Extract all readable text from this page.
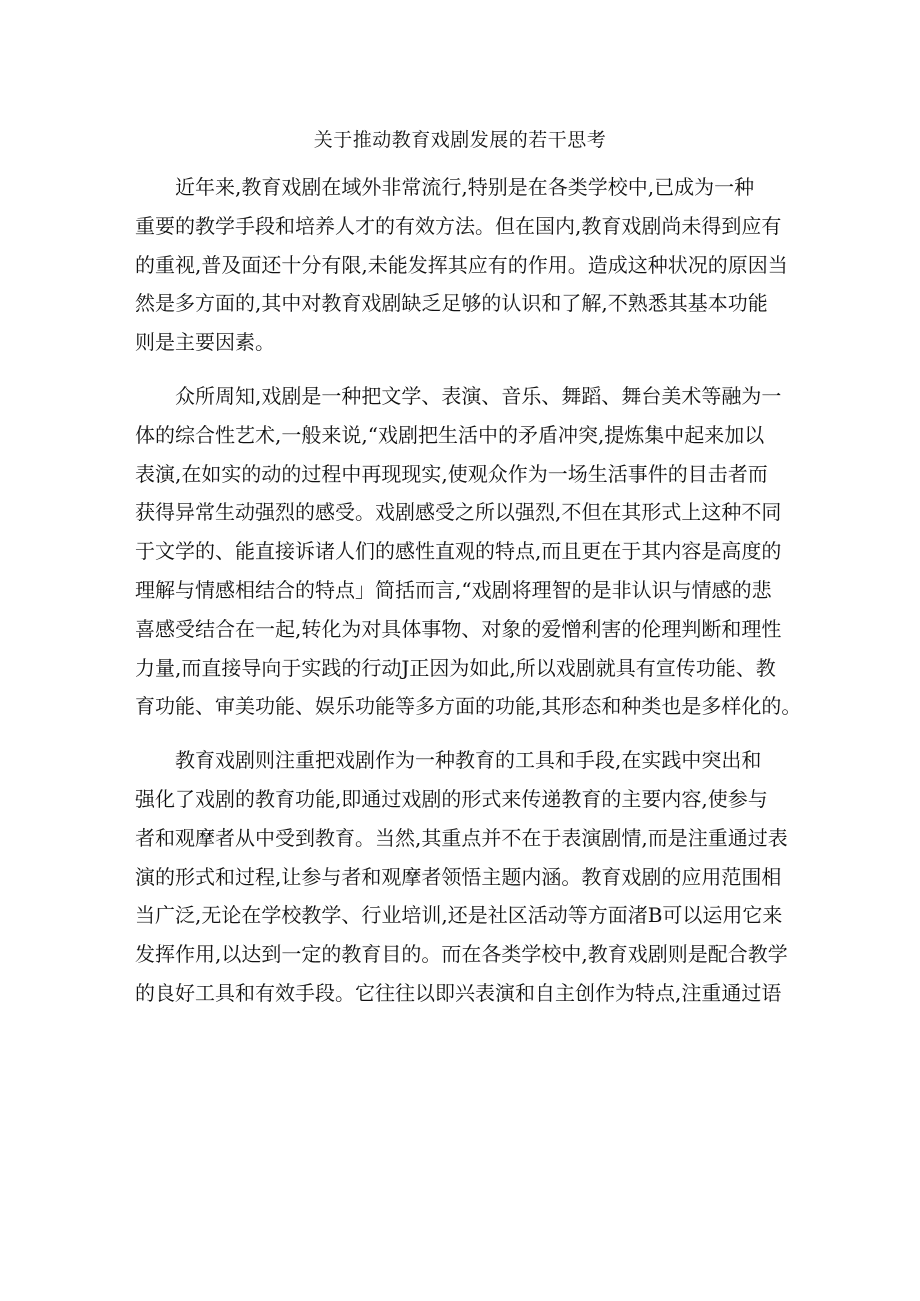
关于推动教育戏剧发展的若干思考
近年来,教育戏剧在域外非常流行,特别是在各类学校中,已成为一种
重要的教学手段和培养人才的有效方法。但在国内,教育戏剧尚未得到应有
的重视,普及面还十分有限,未能发挥其应有的作用。造成这种状况的原因当
然是多方面的,其中对教育戏剧缺乏足够的认识和了解,不熟悉其基本功能
则是主要因素。
众所周知,戏剧是一种把文学、表演、音乐、舞蹈、舞台美术等融为一
体的综合性艺术,一般来说,“戏剧把生活中的矛盾冲突,提炼集中起来加以
表演,在如实的动的过程中再现现实,使观众作为一场生活事件的目击者而
获得异常生动强烈的感受。戏剧感受之所以强烈,不但在其形式上这种不同
于文学的、能直接诉诸人们的感性直观的特点,而且更在于其内容是高度的
理解与情感相结合的特点」简括而言,“戏剧将理智的是非认识与情感的悲
喜感受结合在一起,转化为对具体事物、对象的爱憎利害的伦理判断和理性
力量,而直接导向于实践的行动J正因为如此,所以戏剧就具有宣传功能、教
育功能、审美功能、娱乐功能等多方面的功能,其形态和种类也是多样化的。
教育戏剧则注重把戏剧作为一种教育的工具和手段,在实践中突出和
强化了戏剧的教育功能,即通过戏剧的形式来传递教育的主要内容,使参与
者和观摩者从中受到教育。当然,其重点并不在于表演剧情,而是注重通过表
演的形式和过程,让参与者和观摩者领悟主题内涵。教育戏剧的应用范围相
当广泛,无论在学校教学、行业培训,还是社区活动等方面渚B可以运用它来
发挥作用,以达到一定的教育目的。而在各类学校中,教育戏剧则是配合教学
的良好工具和有效手段。它往往以即兴表演和自主创作为特点,注重通过语
